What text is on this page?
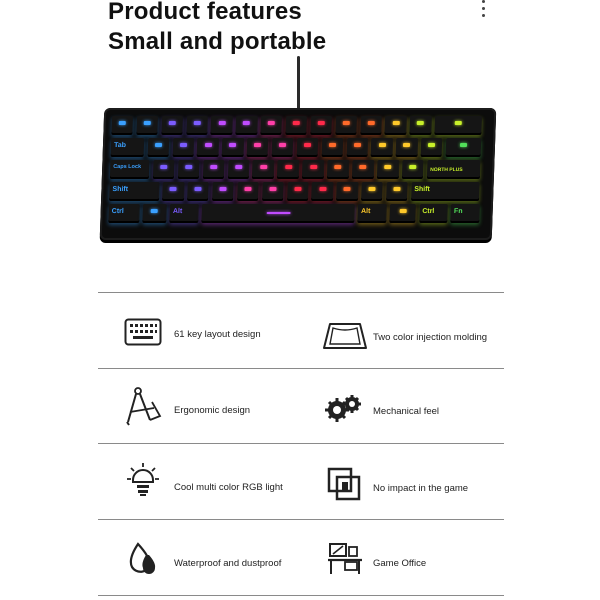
Product features
Small and portable
Tab
Caps Lock	NORTH PLUS
Shift	Shift
Ctrl	Alt	Alt	Ctrl	Fn
61 key layout design	Two color injection molding
Ergonomic design	Mechanical feel
Cool multi color RGB light	No impact in the game
Waterproof and dustproof	Game Office
